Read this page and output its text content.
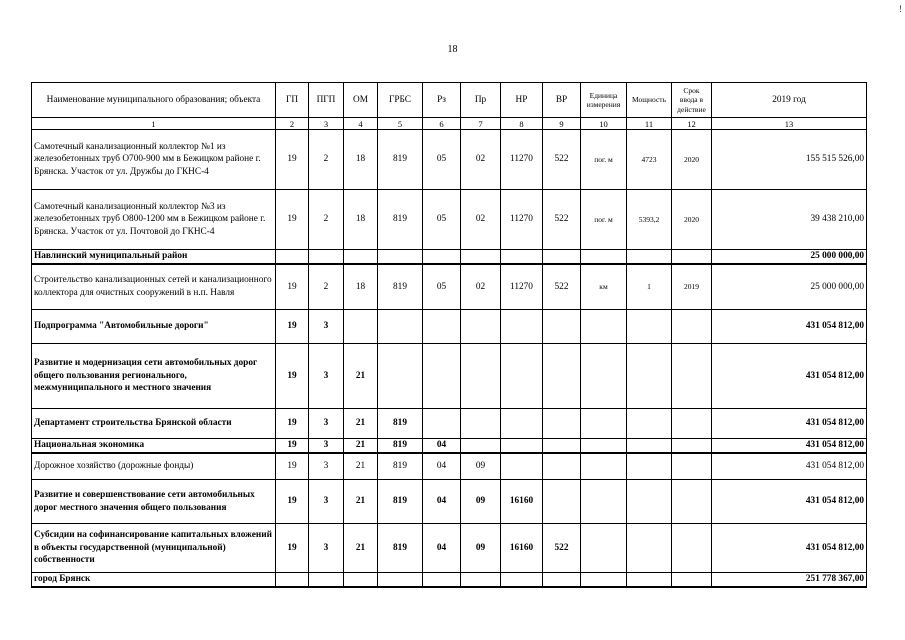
!
18
Наименование муниципального образования; объекта	ГП	ПГП	ОМ	ГРБС	Рз	Пр	НР	ВР	Единица измерения	Мощность	Срок ввода в действие	2019 год
1	2	3	4	5	6	7	8	9	10	11	12	13
Самотечный канализационный коллектор №1 из железобетонных труб О700-900 мм в Бежицком районе г. Брянска. Участок от ул. Дружбы до ГКНС-4	19	2	18	819	05	02	11270	522	пог. м	4723	2020	155 515 526,00
Самотечный канализационный коллектор №3 из железобетонных труб О800-1200 мм в Бежицком районе г. Брянска. Участок от ул. Почтовой до ГКНС-4	19	2	18	819	05	02	11270	522	пог. м	5393,2	2020	39 438 210,00
Навлинский муниципальный район												25 000 000,00
Строительство канализационных сетей и канализационного коллектора для очистных сооружений в н.п. Навля	19	2	18	819	05	02	11270	522	км	1	2019	25 000 000,00
Подпрограмма "Автомобильные дороги"	19	3										431 054 812,00
Развитие и модернизация сети автомобильных дорог общего пользования регионального, межмуниципального и местного значения	19	3	21									431 054 812,00
Департамент строительства Брянской области	19	3	21	819								431 054 812,00
Национальная экономика	19	3	21	819	04							431 054 812,00
Дорожное хозяйство (дорожные фонды)	19	3	21	819	04	09						431 054 812,00
Развитие и совершенствование сети автомобильных дорог местного значения общего пользования	19	3	21	819	04	09	16160					431 054 812,00
Субсидии на софинансирование капитальных вложений в объекты государственной (муниципальной) собственности	19	3	21	819	04	09	16160	522				431 054 812,00
город Брянск												251 778 367,00
